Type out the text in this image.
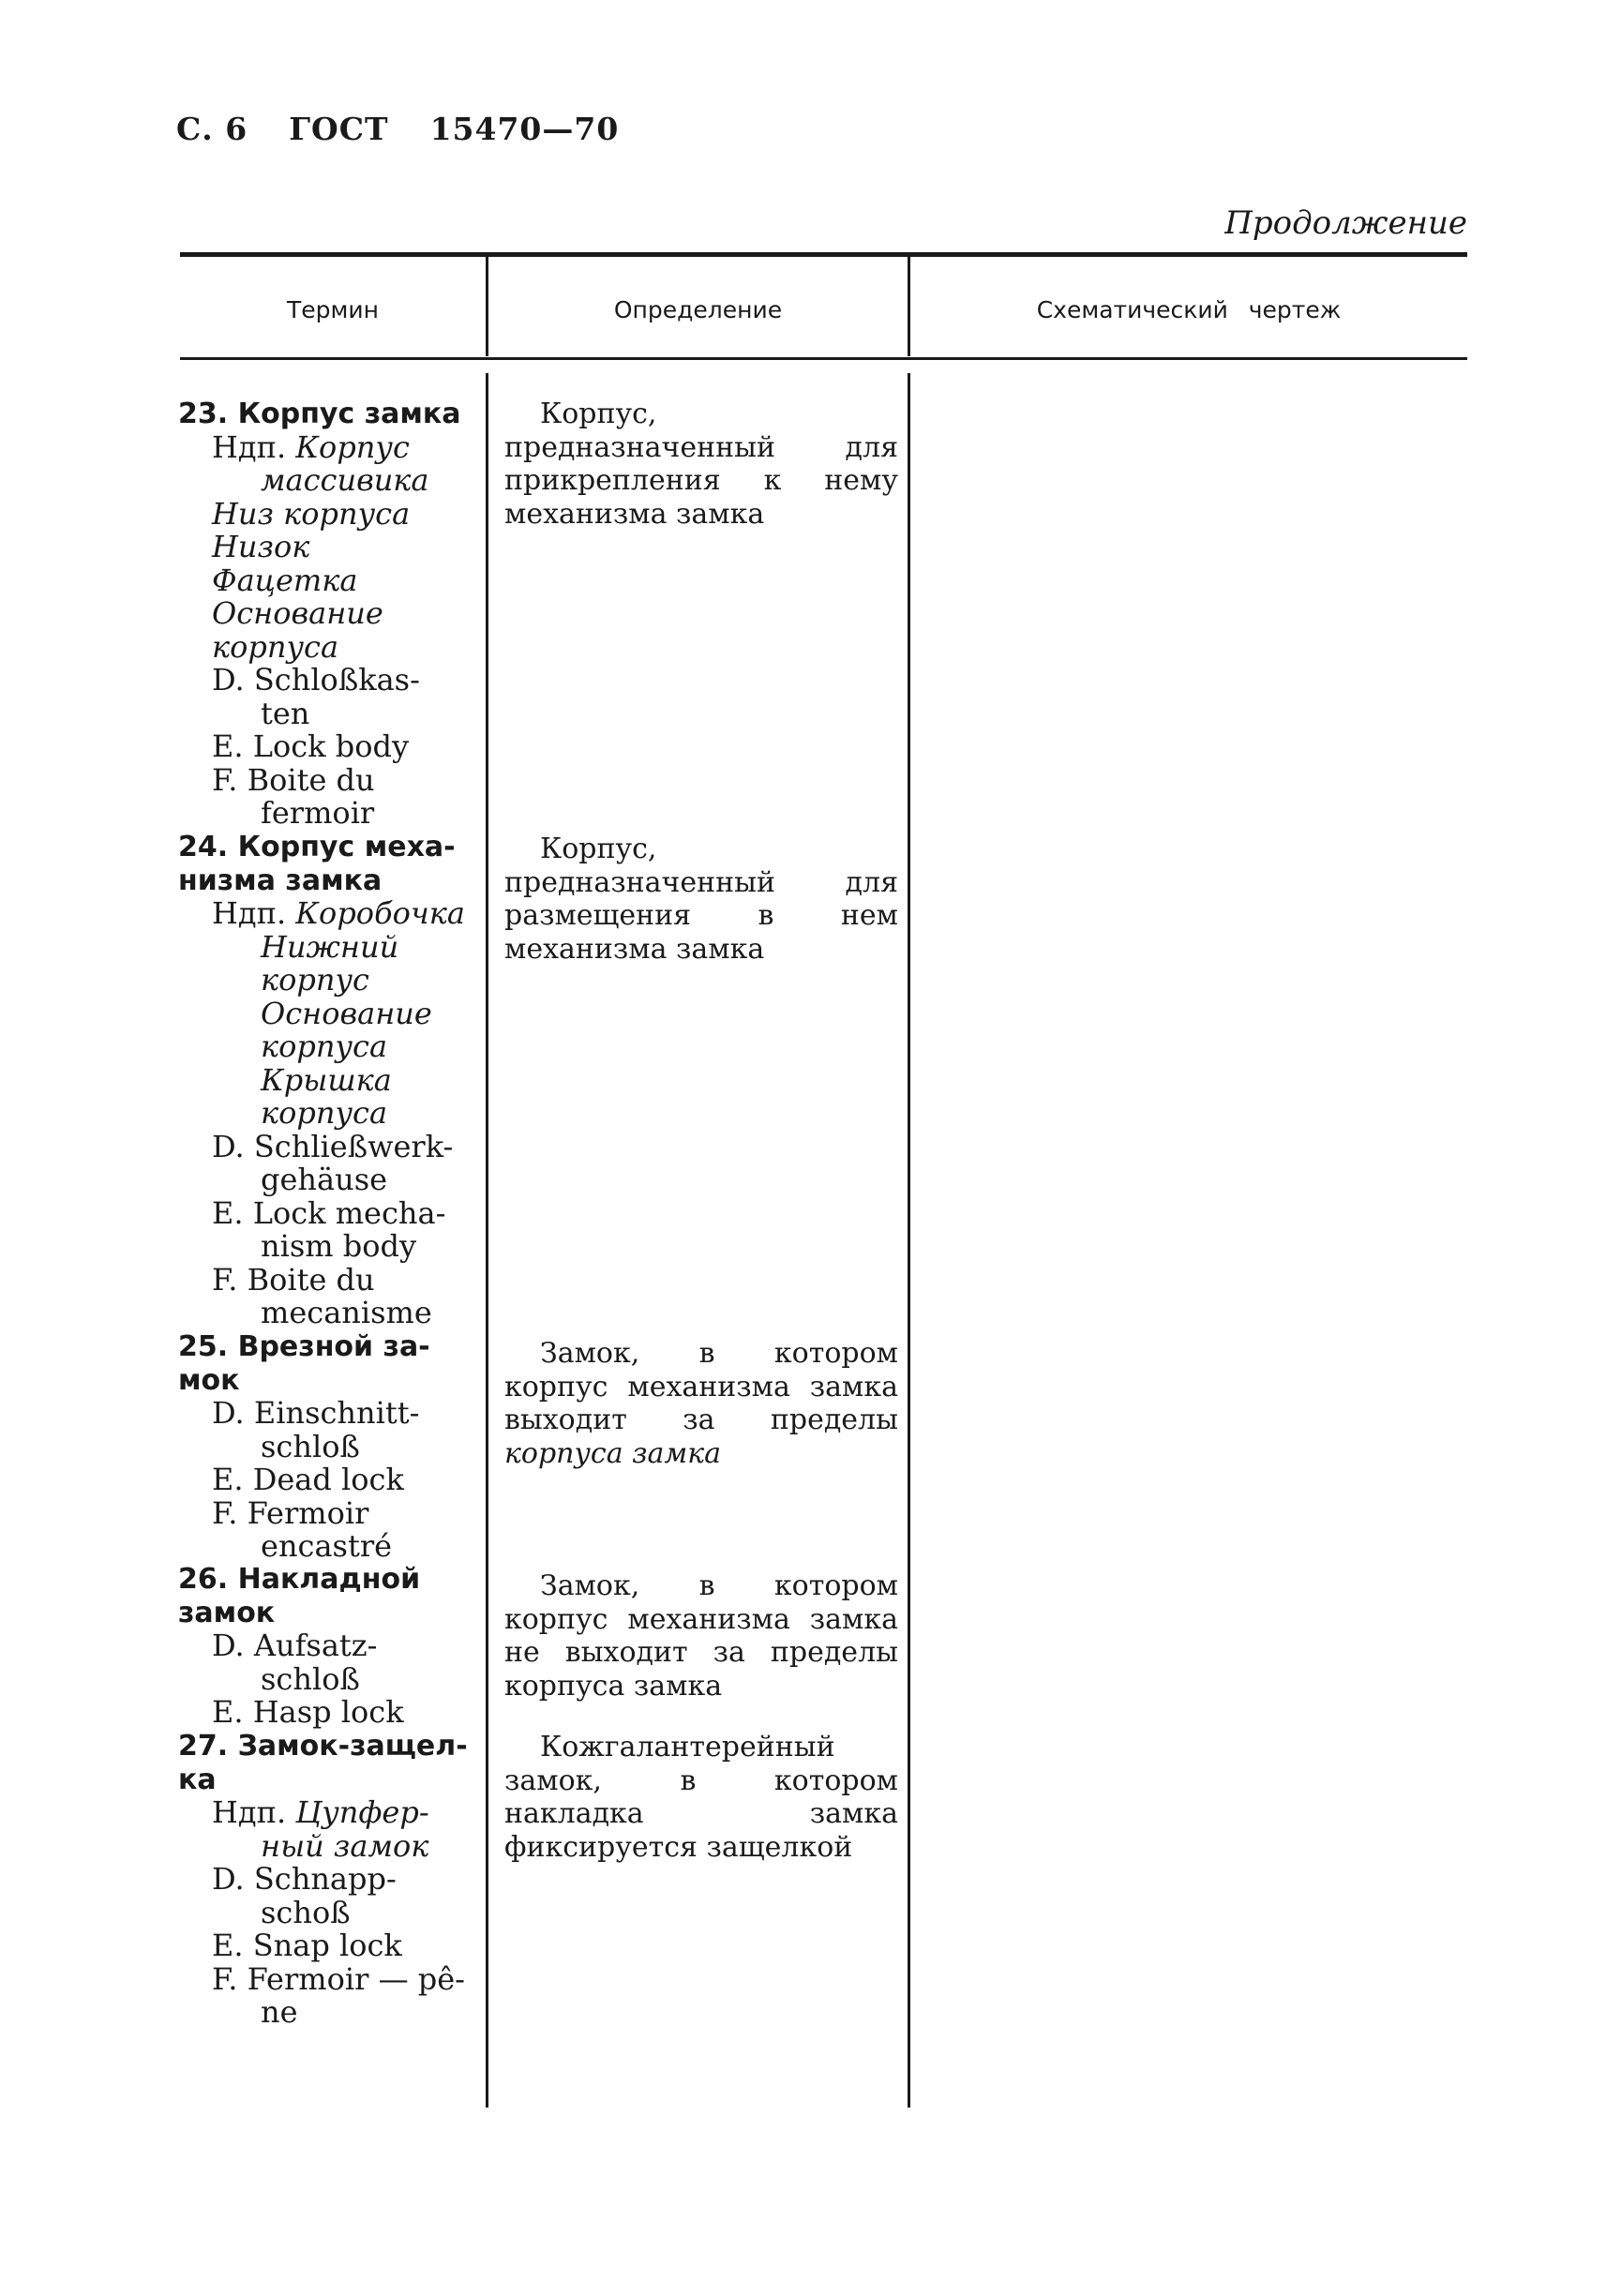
С. 6 ГОСТ 15470—70
Продолжение
Термин	Определение	Схематический чертеж
23. Корпус замка
Ндп. Корпус
массивика
Низ корпуса
Низок
Фацетка
Основание
корпуса
D. Schloßkas-
ten
E. Lock body
F. Boite du
fermoir
24. Корпус меха-
низма замка
Ндп. Коробочка
Нижний
корпус
Основание
корпуса
Крышка
корпуса
D. Schließwerk-
gehäuse
E. Lock mecha-
nism body
F. Boite du
mecanisme
25. Врезной за-
мок
D. Einschnitt-
schloß
E. Dead lock
F. Fermoir
encastré
26. Накладной
замок
D. Aufsatz-
schloß
E. Hasp lock
27. Замок-защел-
ка
Ндп. Цупфер-
ный замок
D. Schnapp-
schoß
E. Snap lock
F. Fermoir — pê-
ne

Корпус, предназначенный для прикрепления к нему механизма замка

Корпус, предназначенный для размещения в нем механизма замка

Замок, в котором корпус механизма замка выходит за пределы корпуса замка

Замок, в котором корпус механизма замка не выходит за пределы корпуса замка

Кожгалантерейный замок, в котором накладка замка фиксируется защелкой
